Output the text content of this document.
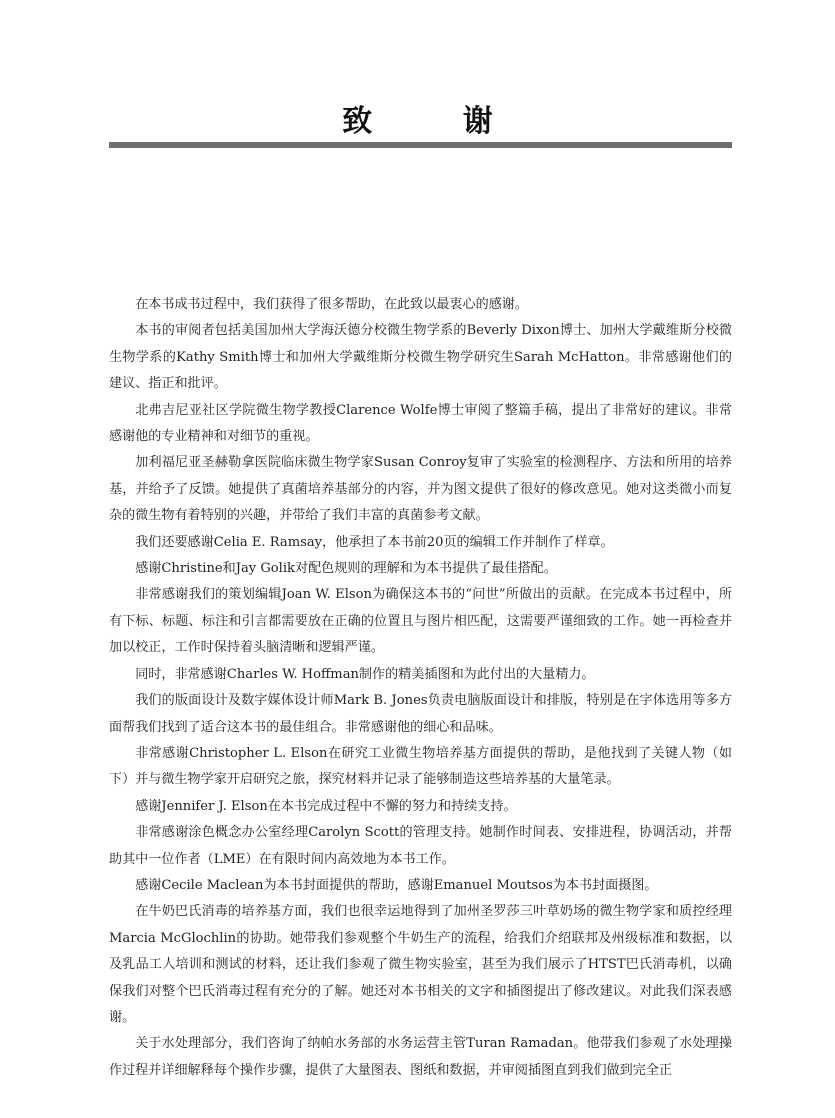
致 谢

在本书成书过程中，我们获得了很多帮助，在此致以最衷心的感谢。

本书的审阅者包括美国加州大学海沃德分校微生物学系的Beverly Dixon博士、加州大学戴维斯分校微生物学系的Kathy Smith博士和加州大学戴维斯分校微生物学研究生Sarah McHatton。非常感谢他们的建议、指正和批评。

北弗吉尼亚社区学院微生物学教授Clarence Wolfe博士审阅了整篇手稿，提出了非常好的建议。非常感谢他的专业精神和对细节的重视。

加利福尼亚圣赫勒拿医院临床微生物学家Susan Conroy复审了实验室的检测程序、方法和所用的培养基，并给予了反馈。她提供了真菌培养基部分的内容，并为图文提供了很好的修改意见。她对这类微小而复杂的微生物有着特别的兴趣，并带给了我们丰富的真菌参考文献。

我们还要感谢Celia E. Ramsay，他承担了本书前20页的编辑工作并制作了样章。

感谢Christine和Jay Golik对配色规则的理解和为本书提供了最佳搭配。

非常感谢我们的策划编辑Joan W. Elson为确保这本书的“问世”所做出的贡献。在完成本书过程中，所有下标、标题、标注和引言都需要放在正确的位置且与图片相匹配，这需要严谨细致的工作。她一再检查并加以校正，工作时保持着头脑清晰和逻辑严谨。

同时，非常感谢Charles W. Hoffman制作的精美插图和为此付出的大量精力。

我们的版面设计及数字媒体设计师Mark B. Jones负责电脑版面设计和排版，特别是在字体选用等多方面帮我们找到了适合这本书的最佳组合。非常感谢他的细心和品味。

非常感谢Christopher L. Elson在研究工业微生物培养基方面提供的帮助，是他找到了关键人物（如下）并与微生物学家开启研究之旅，探究材料并记录了能够制造这些培养基的大量笔录。

感谢Jennifer J. Elson在本书完成过程中不懈的努力和持续支持。

非常感谢涂色概念办公室经理Carolyn Scott的管理支持。她制作时间表、安排进程，协调活动，并帮助其中一位作者（LME）在有限时间内高效地为本书工作。

感谢Cecile Maclean为本书封面提供的帮助，感谢Emanuel Moutsos为本书封面摄图。

在牛奶巴氏消毒的培养基方面，我们也很幸运地得到了加州圣罗莎三叶草奶场的微生物学家和质控经理Marcia McGlochlin的协助。她带我们参观整个牛奶生产的流程，给我们介绍联邦及州级标准和数据，以及乳品工人培训和测试的材料，还让我们参观了微生物实验室，甚至为我们展示了HTST巴氏消毒机，以确保我们对整个巴氏消毒过程有充分的了解。她还对本书相关的文字和插图提出了修改建议。对此我们深表感谢。

关于水处理部分，我们咨询了纳帕水务部的水务运营主管Turan Ramadan。他带我们参观了水处理操作过程并详细解释每个操作步骤，提供了大量图表、图纸和数据，并审阅插图直到我们做到完全正
